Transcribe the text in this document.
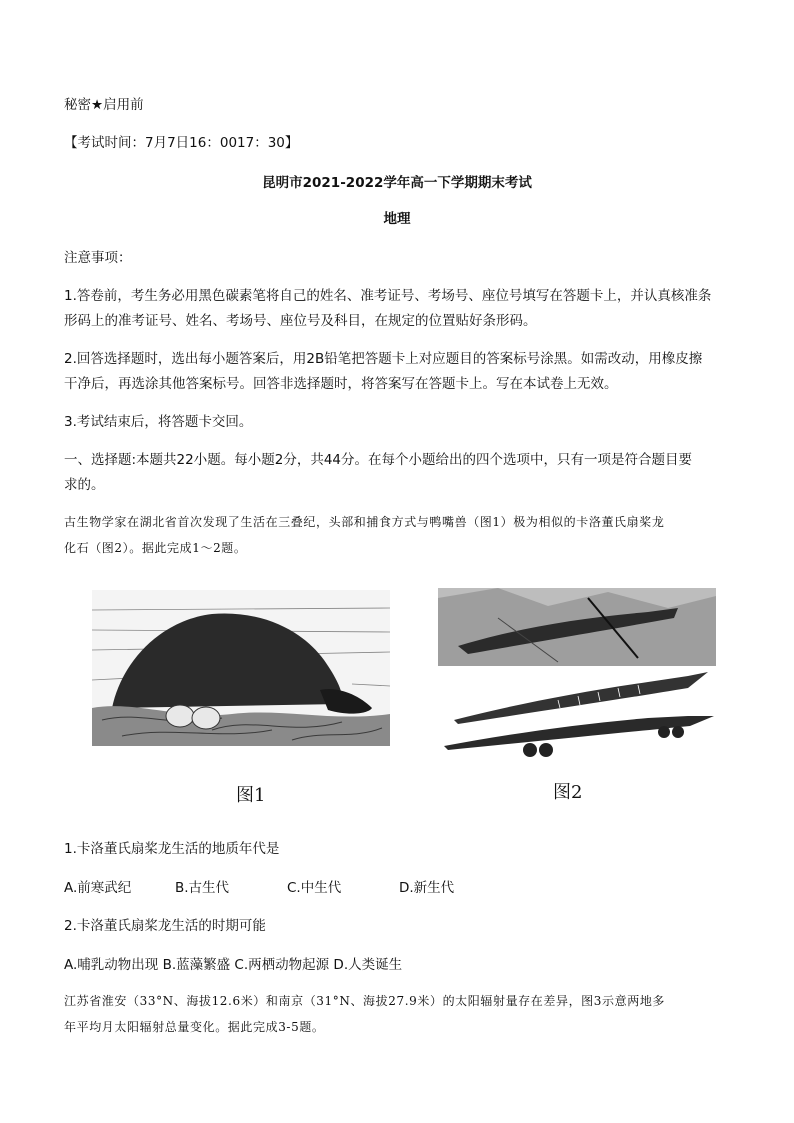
秘密★启用前
【考试时间：7月7日16：0017：30】
昆明市2021-2022学年高一下学期期末考试
地理
注意事项：
1.答卷前，考生务必用黑色碳素笔将自己的姓名、准考证号、考场号、座位号填写在答题卡上，并认真核准条
形码上的准考证号、姓名、考场号、座位号及科目，在规定的位置贴好条形码。
2.回答选择题时，选出每小题答案后，用2B铅笔把答题卡上对应题目的答案标号涂黑。如需改动，用橡皮擦
干净后，再选涂其他答案标号。回答非选择题时，将答案写在答题卡上。写在本试卷上无效。
3.考试结束后，将答题卡交回。
一、选择题:本题共22小题。每小题2分，共44分。在每个小题给出的四个选项中，只有一项是符合题目要
求的。
古生物学家在湖北省首次发现了生活在三叠纪，头部和捕食方式与鸭嘴兽（图1）极为相似的卡洛董氏扇桨龙
化石（图2）。据此完成1～2题。
图1	图2
1.卡洛董氏扇桨龙生活的地质年代是
A.前寒武纪	B.古生代	C.中生代	D.新生代
2.卡洛董氏扇桨龙生活的时期可能
A.哺乳动物出现 B.蓝藻繁盛 C.两栖动物起源 D.人类诞生
江苏省淮安（33°N、海拔12.6米）和南京（31°N、海拔27.9米）的太阳辐射量存在差异，图3示意两地多
年平均月太阳辐射总量变化。据此完成3-5题。
